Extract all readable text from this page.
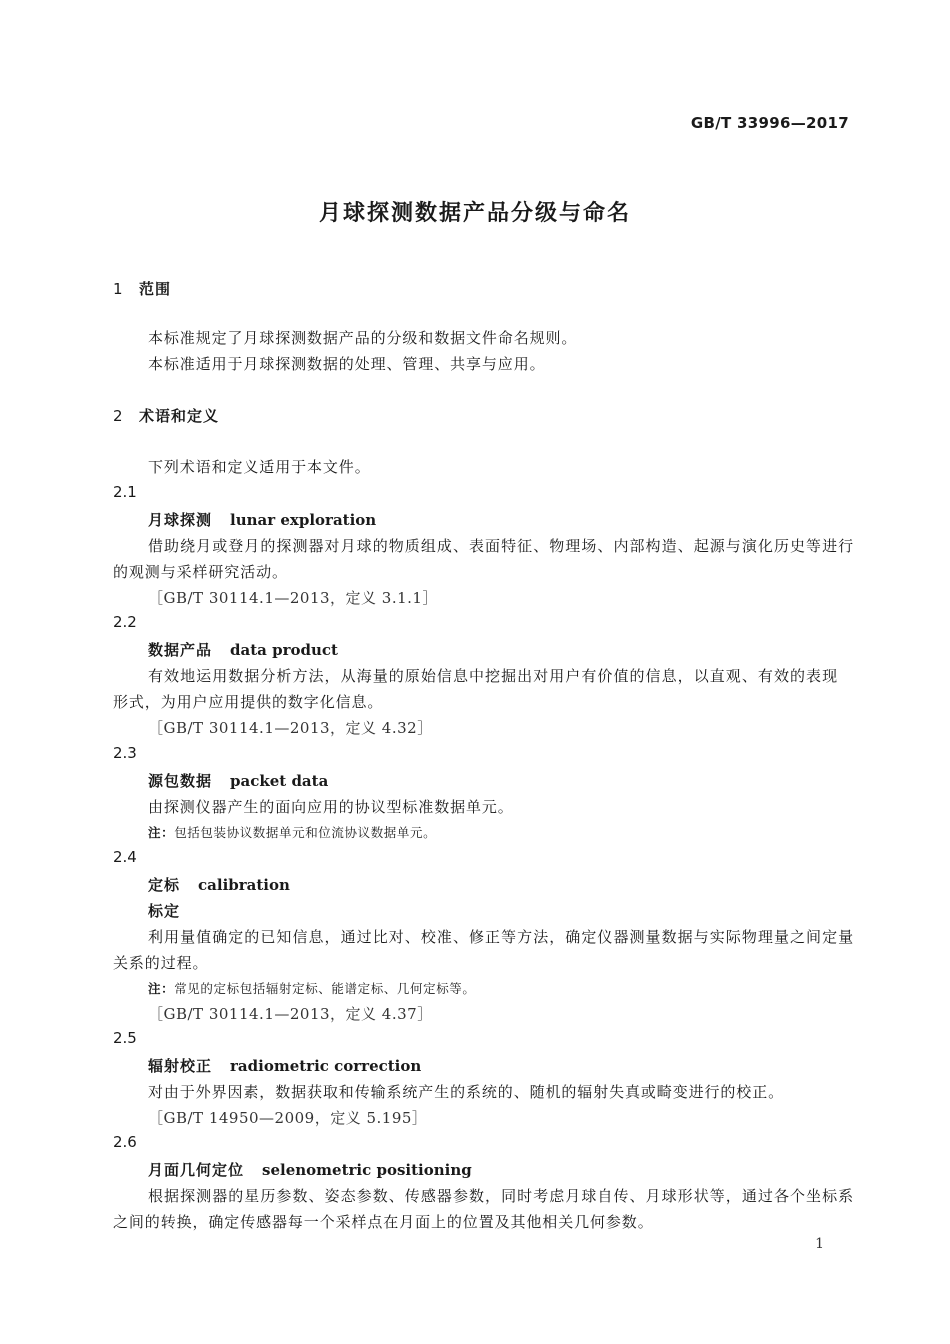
GB/T 33996—2017
月球探测数据产品分级与命名
1 范围
本标准规定了月球探测数据产品的分级和数据文件命名规则。
本标准适用于月球探测数据的处理、管理、共享与应用。
2 术语和定义
下列术语和定义适用于本文件。
2.1
月球探测 lunar exploration
借助绕月或登月的探测器对月球的物质组成、表面特征、物理场、内部构造、起源与演化历史等进行
的观测与采样研究活动。
［GB/T 30114.1—2013，定义 3.1.1］
2.2
数据产品 data product
有效地运用数据分析方法，从海量的原始信息中挖掘出对用户有价值的信息，以直观、有效的表现
形式，为用户应用提供的数字化信息。
［GB/T 30114.1—2013，定义 4.32］
2.3
源包数据 packet data
由探测仪器产生的面向应用的协议型标准数据单元。
注：包括包装协议数据单元和位流协议数据单元。
2.4
定标 calibration
标定
利用量值确定的已知信息，通过比对、校准、修正等方法，确定仪器测量数据与实际物理量之间定量
关系的过程。
注：常见的定标包括辐射定标、能谱定标、几何定标等。
［GB/T 30114.1—2013，定义 4.37］
2.5
辐射校正 radiometric correction
对由于外界因素，数据获取和传输系统产生的系统的、随机的辐射失真或畸变进行的校正。
［GB/T 14950—2009，定义 5.195］
2.6
月面几何定位 selenometric positioning
根据探测器的星历参数、姿态参数、传感器参数，同时考虑月球自传、月球形状等，通过各个坐标系
之间的转换，确定传感器每一个采样点在月面上的位置及其他相关几何参数。
1
